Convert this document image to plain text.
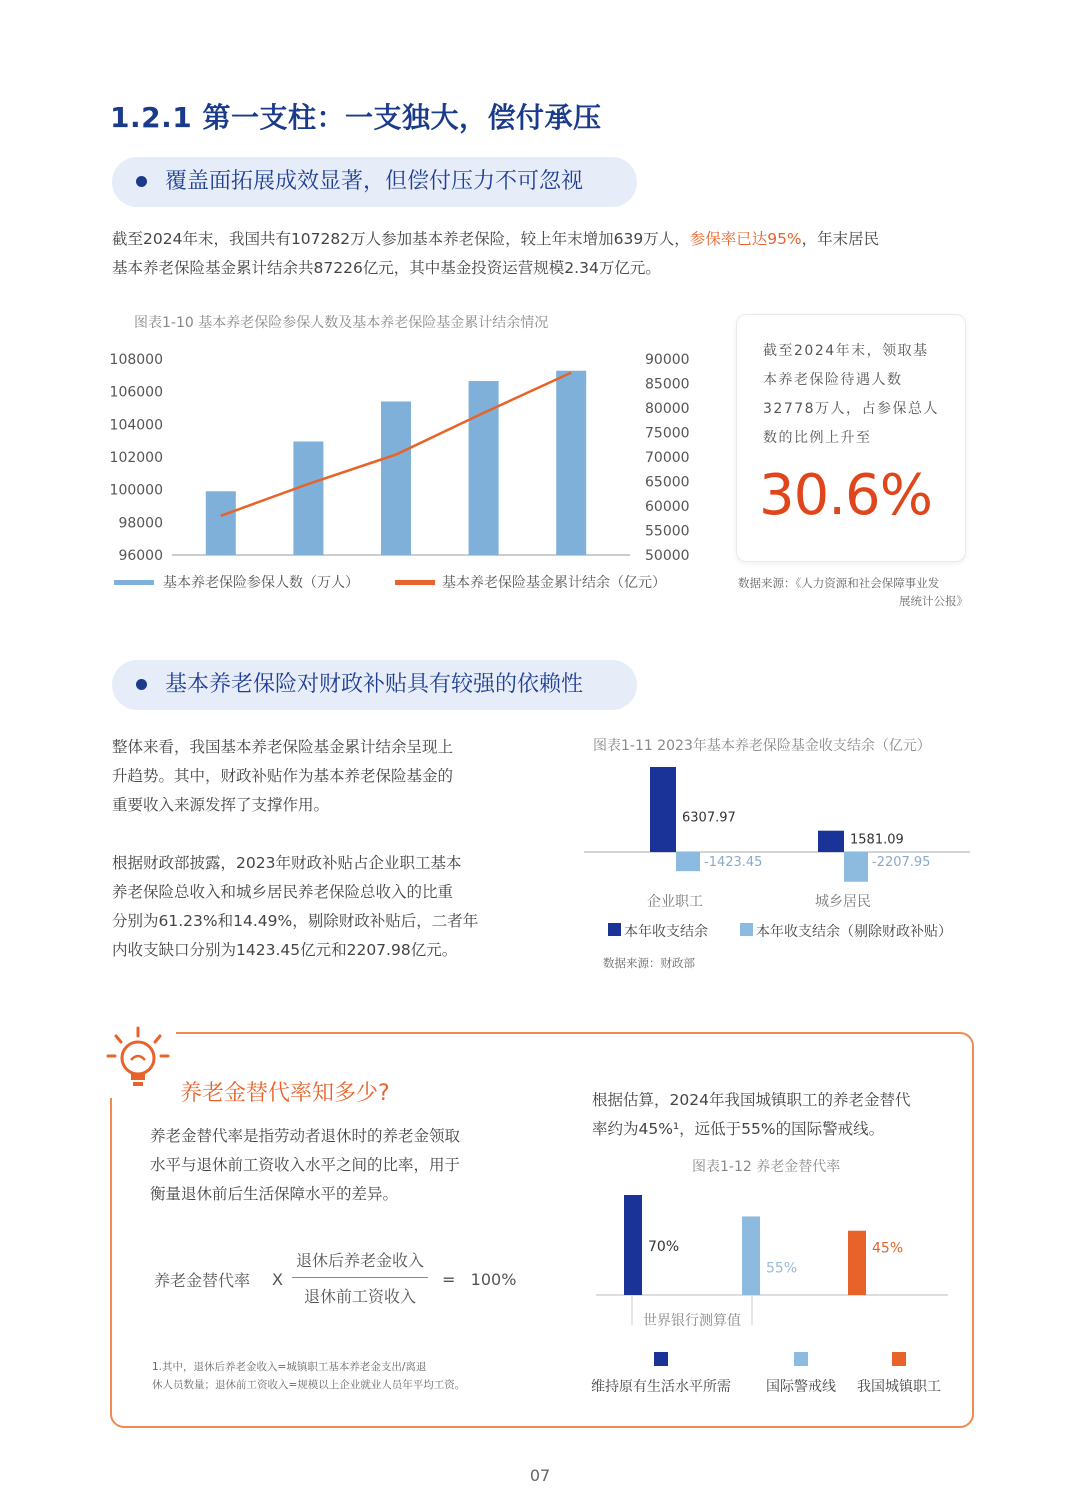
1.2.1 第一支柱：一支独大，偿付承压
覆盖面拓展成效显著，但偿付压力不可忽视
截至2024年末，我国共有107282万人参加基本养老保险，较上年末增加639万人，参保率已达95%，年末居民
基本养老保险基金累计结余共87226亿元，其中基金投资运营规模2.34万亿元。
图表1-10 基本养老保险参保人数及基本养老保险基金累计结余情况
108000
106000
104000
102000
100000
98000
96000
90000
85000
80000
75000
70000
65000
60000
55000
50000
基本养老保险参保人数（万人）	基本养老保险基金累计结余（亿元）
截至2024年末，领取基
本养老保险待遇人数
32778万人，占参保总人
数的比例上升至
30.6%
数据来源：《人力资源和社会保障事业发
展统计公报》
基本养老保险对财政补贴具有较强的依赖性
整体来看，我国基本养老保险基金累计结余呈现上
升趋势。其中，财政补贴作为基本养老保险基金的
重要收入来源发挥了支撑作用。
根据财政部披露，2023年财政补贴占企业职工基本
养老保险总收入和城乡居民养老保险总收入的比重
分别为61.23%和14.49%，剔除财政补贴后，二者年
内收支缺口分别为1423.45亿元和2207.98亿元。
图表1-11 2023年基本养老保险基金收支结余（亿元）
6307.97
-1423.45
企业职工
1581.09
-2207.95
城乡居民
本年收支结余	本年收支结余（剔除财政补贴）
数据来源：财政部
养老金替代率知多少?
养老金替代率是指劳动者退休时的养老金领取
水平与退休前工资收入水平之间的比率，用于
衡量退休前后生活保障水平的差异。
养老金替代率 X
退休后养老金收入
退休前工资收入
=   100%
1.其中，退休后养老金收入=城镇职工基本养老金支出/离退
休人员数量；退休前工资收入=规模以上企业就业人员年平均工资。
根据估算，2024年我国城镇职工的养老金替代
率约为45%¹，远低于55%的国际警戒线。
图表1-12 养老金替代率
70%
55%
45%
世界银行测算值
维持原有生活水平所需	国际警戒线 我国城镇职工
07
